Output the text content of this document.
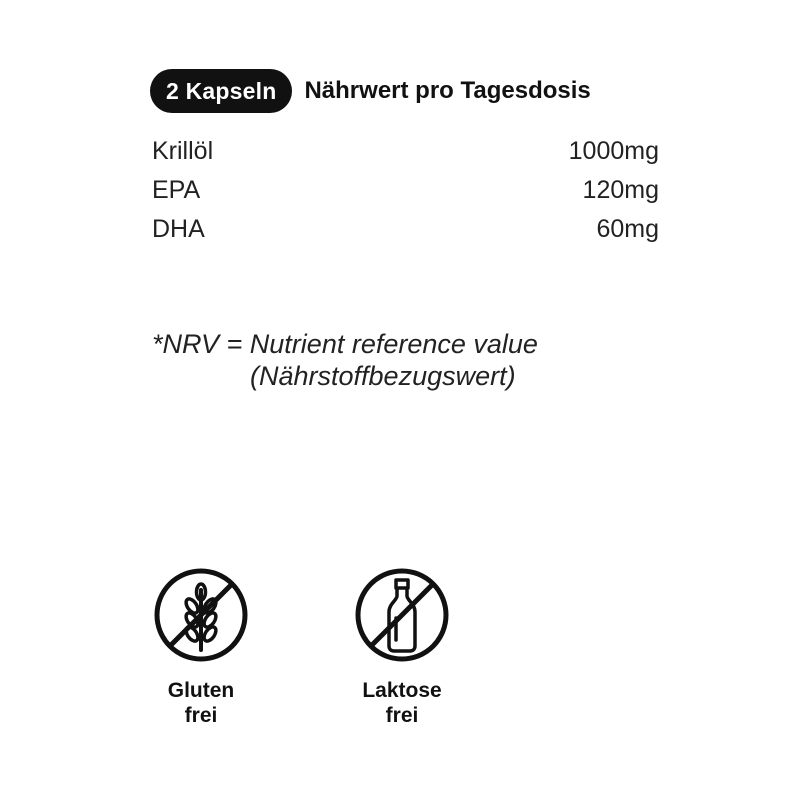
2 Kapseln	Nährwert pro Tagesdosis
Krillöl	1000mg
EPA	120mg
DHA	60mg
*NRV = Nutrient reference value
(Nährstoffbezugswert)
Gluten
frei
Laktose
frei
